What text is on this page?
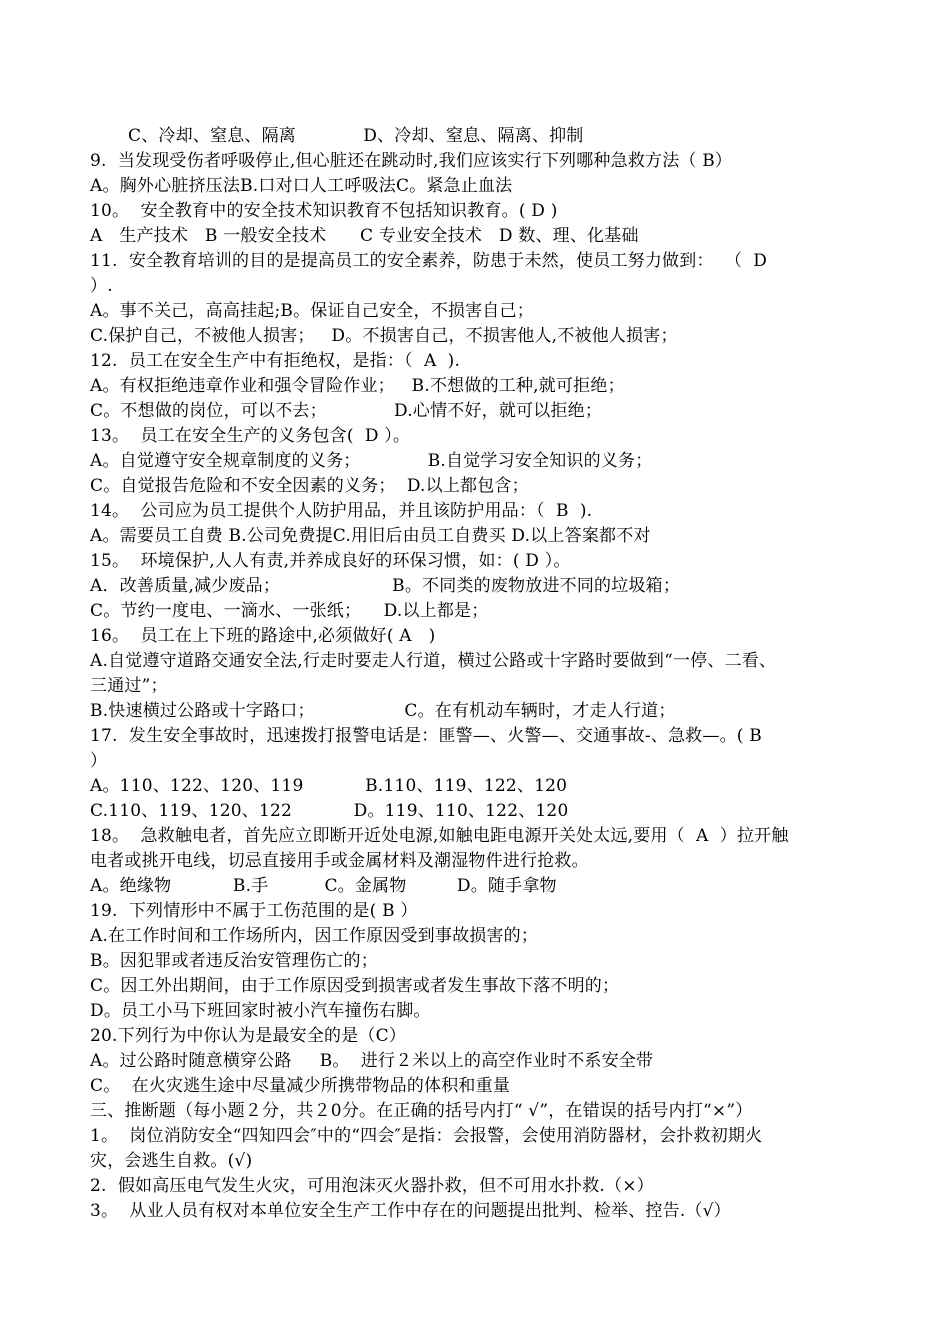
C、冷却、窒息、隔离            D、冷却、窒息、隔离、抑制
9.  当发现受伤者呼吸停止,但心脏还在跳动时,我们应该实行下列哪种急救方法（ B）
A。胸外心脏挤压法B.口对口人工呼吸法C。紧急止血法
10。  安全教育中的安全技术知识教育不包括知识教育。( D )
A   生产技术   B 一般安全技术      C 专业安全技术   D 数、理、化基础
11.  安全教育培训的目的是提高员工的安全素养，防患于未然，使员工努力做到：  （  D
）.
A。事不关己，高高挂起;B。保证自己安全，不损害自己；
C.保护自己，不被他人损害；   D。不损害自己，不损害他人,不被他人损害；
12.  员工在安全生产中有拒绝权，是指：（  A  ).
A。有权拒绝违章作业和强令冒险作业；   B.不想做的工种,就可拒绝；
C。不想做的岗位，可以不去；            D.心情不好，就可以拒绝；
13。  员工在安全生产的义务包含(  D ）。
A。自觉遵守安全规章制度的义务；            B.自觉学习安全知识的义务；
C。自觉报告危险和不安全因素的义务；  D.以上都包含；
14。  公司应为员工提供个人防护用品，并且该防护用品：（  B  ).
A。需要员工自费 B.公司免费提C.用旧后由员工自费买 D.以上答案都不对
15。  环境保护,人人有责,并养成良好的环保习惯，如：( D ）。
A．改善质量,减少废品；                    B。不同类的废物放进不同的垃圾箱；
C。节约一度电、一滴水、一张纸；    D.以上都是；
16。  员工在上下班的路途中,必须做好( A   )
A.自觉遵守道路交通安全法,行走时要走人行道，横过公路或十字路时要做到“一停、二看、
三通过”；
B.快速横过公路或十字路口；                C。在有机动车辆时，才走人行道；
17.  发生安全事故时，迅速拨打报警电话是：匪警—、火警—、交通事故-、急救—。( B
）
A。110、122、120、119           B.110、119、122、120
C.110、119、120、122           D。119、110、122、120
18。  急救触电者，首先应立即断开近处电源,如触电距电源开关处太远,要用（  A  ）拉开触
电者或挑开电线，切忌直接用手或金属材料及潮湿物件进行抢救。
A。绝缘物           B.手          C。金属物         D。随手拿物
19.  下列情形中不属于工伤范围的是( B ）
A.在工作时间和工作场所内，因工作原因受到事故损害的；
B。因犯罪或者违反治安管理伤亡的；
C。因工外出期间，由于工作原因受到损害或者发生事故下落不明的；
D。员工小马下班回家时被小汽车撞伤右脚。
20.下列行为中你认为是最安全的是（C）
A。过公路时随意横穿公路     B。  进行２米以上的高空作业时不系安全带
C。  在火灾逃生途中尽量减少所携带物品的体积和重量
三、推断题（每小题２分，共２0分。在正确的括号内打“ √”，在错误的括号内打“×”）
1。  岗位消防安全“四知四会″中的“四会″是指：会报警，会使用消防器材，会扑救初期火
灾，会逃生自救。(√)
2.  假如高压电气发生火灾，可用泡沫灭火器扑救，但不可用水扑救.（×）
3。  从业人员有权对本单位安全生产工作中存在的问题提出批判、检举、控告.（√）
